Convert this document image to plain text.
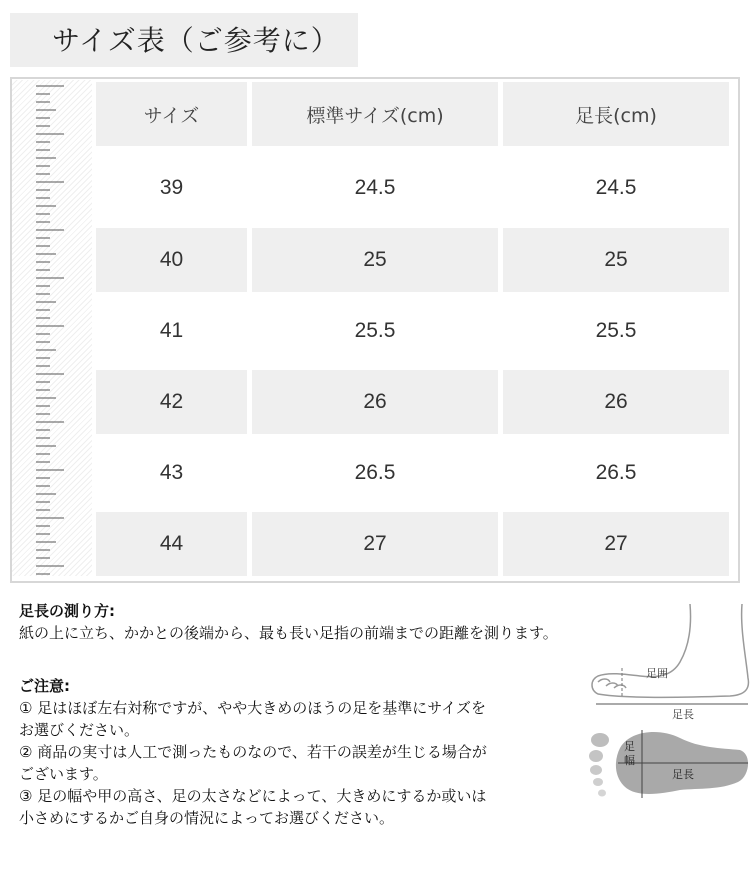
サイズ表（ご参考に）
サイズ	標準サイズ(cm)	足長(cm)
39	24.5	24.5
40	25	25
41	25.5	25.5
42	26	26
43	26.5	26.5
44	27	27
足長の測り方:
紙の上に立ち、かかとの後端から、最も長い足指の前端までの距離を測ります。
ご注意:
① 足はほぼ左右対称ですが、やや大きめのほうの足を基準にサイズを
お選びください。
② 商品の実寸は人工で測ったものなので、若干の誤差が生じる場合が
ございます。
③ 足の幅や甲の高さ、足の太さなどによって、大きめにするか或いは
小さめにするかご自身の情況によってお選びください。
足囲
足長
足
幅
足長
